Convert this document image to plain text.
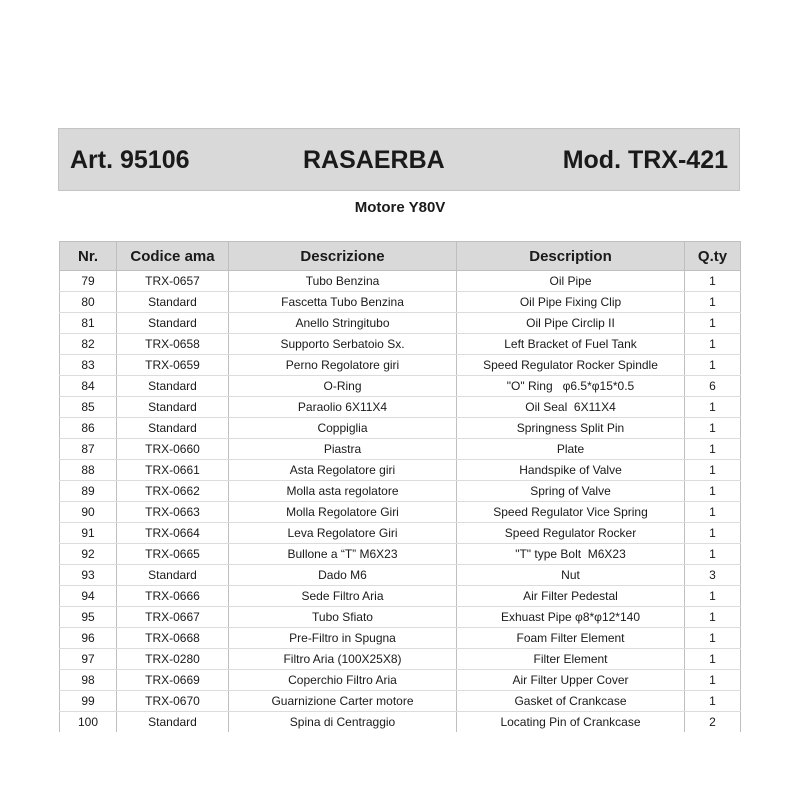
Art. 95106	RASAERBA	Mod. TRX-421
Motore Y80V
Nr.	Codice ama	Descrizione	Description	Q.ty
79	TRX-0657	Tubo Benzina	Oil Pipe	1
80	Standard	Fascetta Tubo Benzina	Oil Pipe Fixing Clip	1
81	Standard	Anello Stringitubo	Oil Pipe Circlip II	1
82	TRX-0658	Supporto Serbatoio Sx.	Left Bracket of Fuel Tank	1
83	TRX-0659	Perno Regolatore giri	Speed Regulator Rocker Spindle	1
84	Standard	O-Ring	"O" Ring   φ6.5*φ15*0.5	6
85	Standard	Paraolio 6X11X4	Oil Seal  6X11X4	1
86	Standard	Coppiglia	Springness Split Pin	1
87	TRX-0660	Piastra	Plate	1
88	TRX-0661	Asta Regolatore giri	Handspike of Valve	1
89	TRX-0662	Molla asta regolatore	Spring of Valve	1
90	TRX-0663	Molla Regolatore Giri	Speed Regulator Vice Spring	1
91	TRX-0664	Leva Regolatore Giri	Speed Regulator Rocker	1
92	TRX-0665	Bullone a “T” M6X23	"T" type Bolt  M6X23	1
93	Standard	Dado M6	Nut	3
94	TRX-0666	Sede Filtro Aria	Air Filter Pedestal	1
95	TRX-0667	Tubo Sfiato	Exhuast Pipe φ8*φ12*140	1
96	TRX-0668	Pre-Filtro in Spugna	Foam Filter Element	1
97	TRX-0280	Filtro Aria (100X25X8)	Filter Element	1
98	TRX-0669	Coperchio Filtro Aria	Air Filter Upper Cover	1
99	TRX-0670	Guarnizione Carter motore	Gasket of Crankcase	1
100	Standard	Spina di Centraggio	Locating Pin of Crankcase	2
